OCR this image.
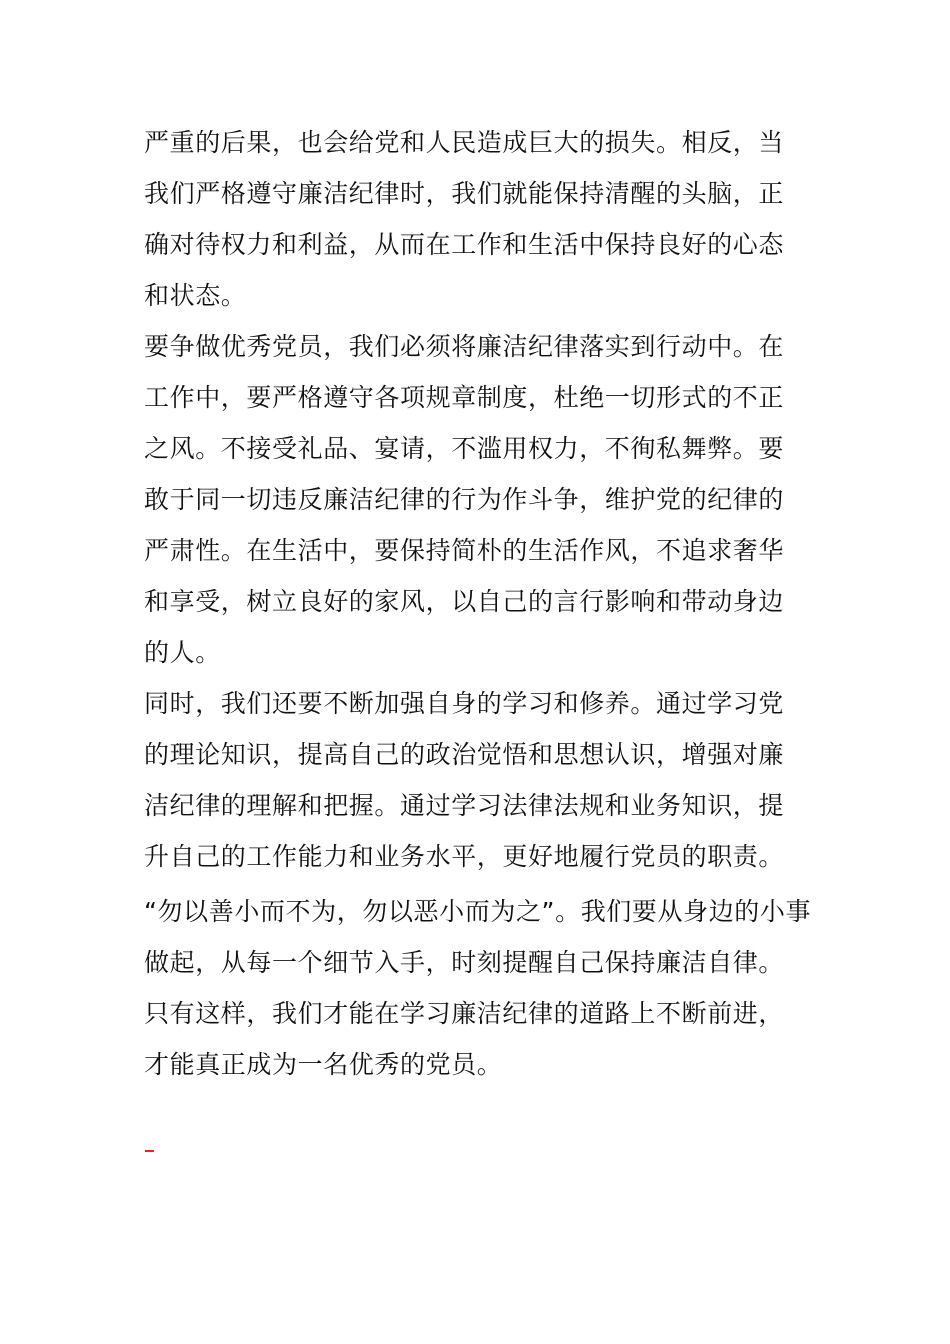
严重的后果，也会给党和人民造成巨大的损失。相反，当
我们严格遵守廉洁纪律时，我们就能保持清醒的头脑，正
确对待权力和利益，从而在工作和生活中保持良好的心态
和状态。
要争做优秀党员，我们必须将廉洁纪律落实到行动中。在
工作中，要严格遵守各项规章制度，杜绝一切形式的不正
之风。不接受礼品、宴请，不滥用权力，不徇私舞弊。要
敢于同一切违反廉洁纪律的行为作斗争，维护党的纪律的
严肃性。在生活中，要保持简朴的生活作风，不追求奢华
和享受，树立良好的家风，以自己的言行影响和带动身边
的人。
同时，我们还要不断加强自身的学习和修养。通过学习党
的理论知识，提高自己的政治觉悟和思想认识，增强对廉
洁纪律的理解和把握。通过学习法律法规和业务知识，提
升自己的工作能力和业务水平，更好地履行党员的职责。
“勿以善小而不为，勿以恶小而为之”。我们要从身边的小事
做起，从每一个细节入手，时刻提醒自己保持廉洁自律。
只有这样，我们才能在学习廉洁纪律的道路上不断前进，
才能真正成为一名优秀的党员。
